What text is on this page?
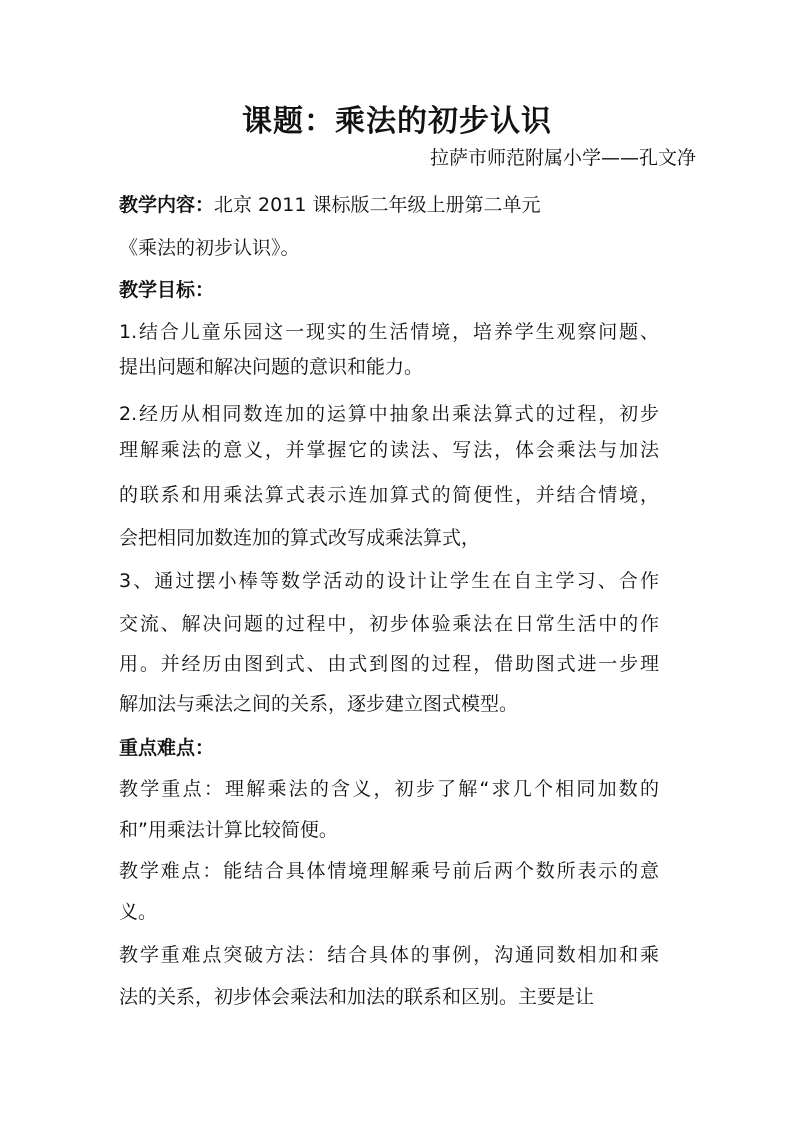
课题：乘法的初步认识
拉萨市师范附属小学——孔文净
教学内容：北京 2011 课标版二年级上册第二单元
《乘法的初步认识》。
教学目标：
1.结合儿童乐园这一现实的生活情境，培养学生观察问题、
提出问题和解决问题的意识和能力。
2.经历从相同数连加的运算中抽象出乘法算式的过程，初步
理解乘法的意义，并掌握它的读法、写法，体会乘法与加法
的联系和用乘法算式表示连加算式的简便性，并结合情境，
会把相同加数连加的算式改写成乘法算式，
3、通过摆小棒等数学活动的设计让学生在自主学习、合作
交流、解决问题的过程中，初步体验乘法在日常生活中的作
用。并经历由图到式、由式到图的过程，借助图式进一步理
解加法与乘法之间的关系，逐步建立图式模型。
重点难点：
教学重点：理解乘法的含义，初步了解“求几个相同加数的
和”用乘法计算比较简便。
教学难点：能结合具体情境理解乘号前后两个数所表示的意
义。
教学重难点突破方法：结合具体的事例，沟通同数相加和乘
法的关系，初步体会乘法和加法的联系和区别。主要是让
